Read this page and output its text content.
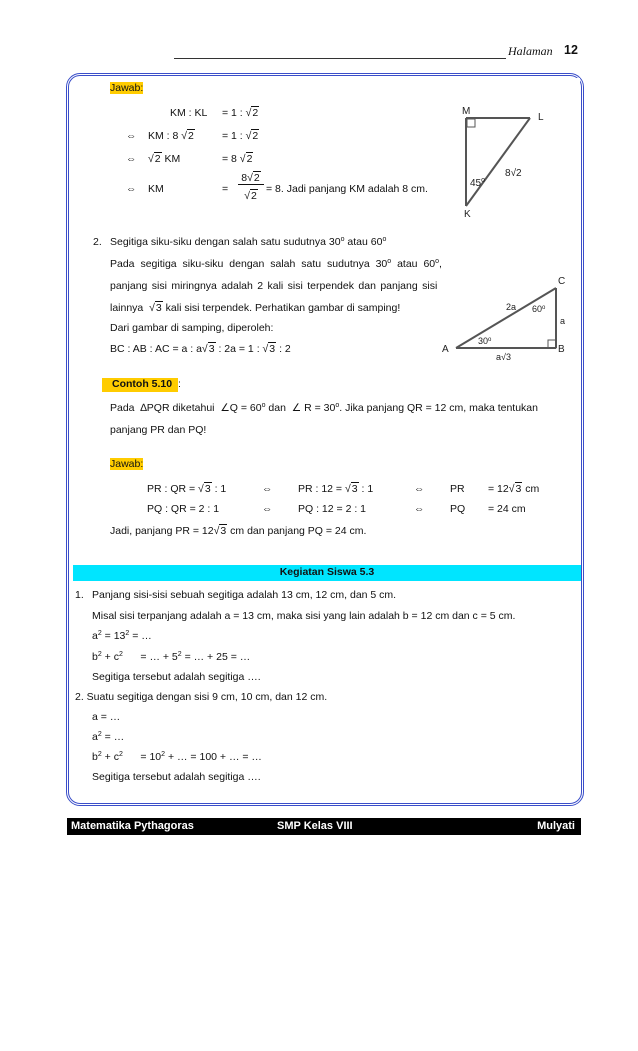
Halaman 12
Jawab:
KM : KL = 1 : √2
⇔ KM : 8 √2	= 1 : √2
⇔ √2 KM	= 8 √2
⇔ KM	=
8√2
√2
= 8. Jadi panjang KM adalah 8 cm.
M
L
K
45$^o$
8√2
2. Segitiga siku-siku dengan salah satu sudutnya 30$^o$ atau 60$^o$
Pada segitiga siku-siku dengan salah satu sudutnya 30$^o$ atau 60$^o$,
panjang sisi miringnya adalah 2 kali sisi terpendek dan panjang sisi
lainnya  √3 kali sisi terpendek. Perhatikan gambar di samping!
Dari gambar di samping, diperoleh:
BC : AB : AC = a : a√3 : 2a = 1 : √3 : 2
C
A	B
2a 60$^o$
a
30$^o$
a√3
Contoh 5.10 :
Pada  ∆PQR diketahui  ∠Q = $60^o$ dan  ∠ $R = 30^o$. Jika panjang QR = 12 cm, maka tentukan
panjang PR dan PQ!
Jawab:
PR : QR = √3 : 1	⇔ PR : 12 = √3 : 1	⇔ PR = 12√3 cm
PQ : QR = 2 : 1	⇔ PQ : 12 = 2 : 1	⇔ PQ = 24 cm
Jadi, panjang PR = 12√3 cm dan panjang PQ = 24 cm.
Kegiatan Siswa 5.3
1. Panjang sisi-sisi sebuah segitiga adalah 13 cm, 12 cm, dan 5 cm.
Misal sisi terpanjang adalah a = 13 cm, maka sisi yang lain adalah b = 12 cm dan c = 5 cm.
$a^2 = 13^2$ = …
$b^2 + c^2$ = … + $5^2$ = … + 25 = …
Segitiga tersebut adalah segitiga ….
2. Suatu segitiga dengan sisi 9 cm, 10 cm, dan 12 cm.
a = …
$a^2$ = …
$b^2 + c^2 = 10^2$ + … = 100 + … = …
Segitiga tersebut adalah segitiga ….
Matematika Pythagoras	SMP Kelas VIII	Mulyati
